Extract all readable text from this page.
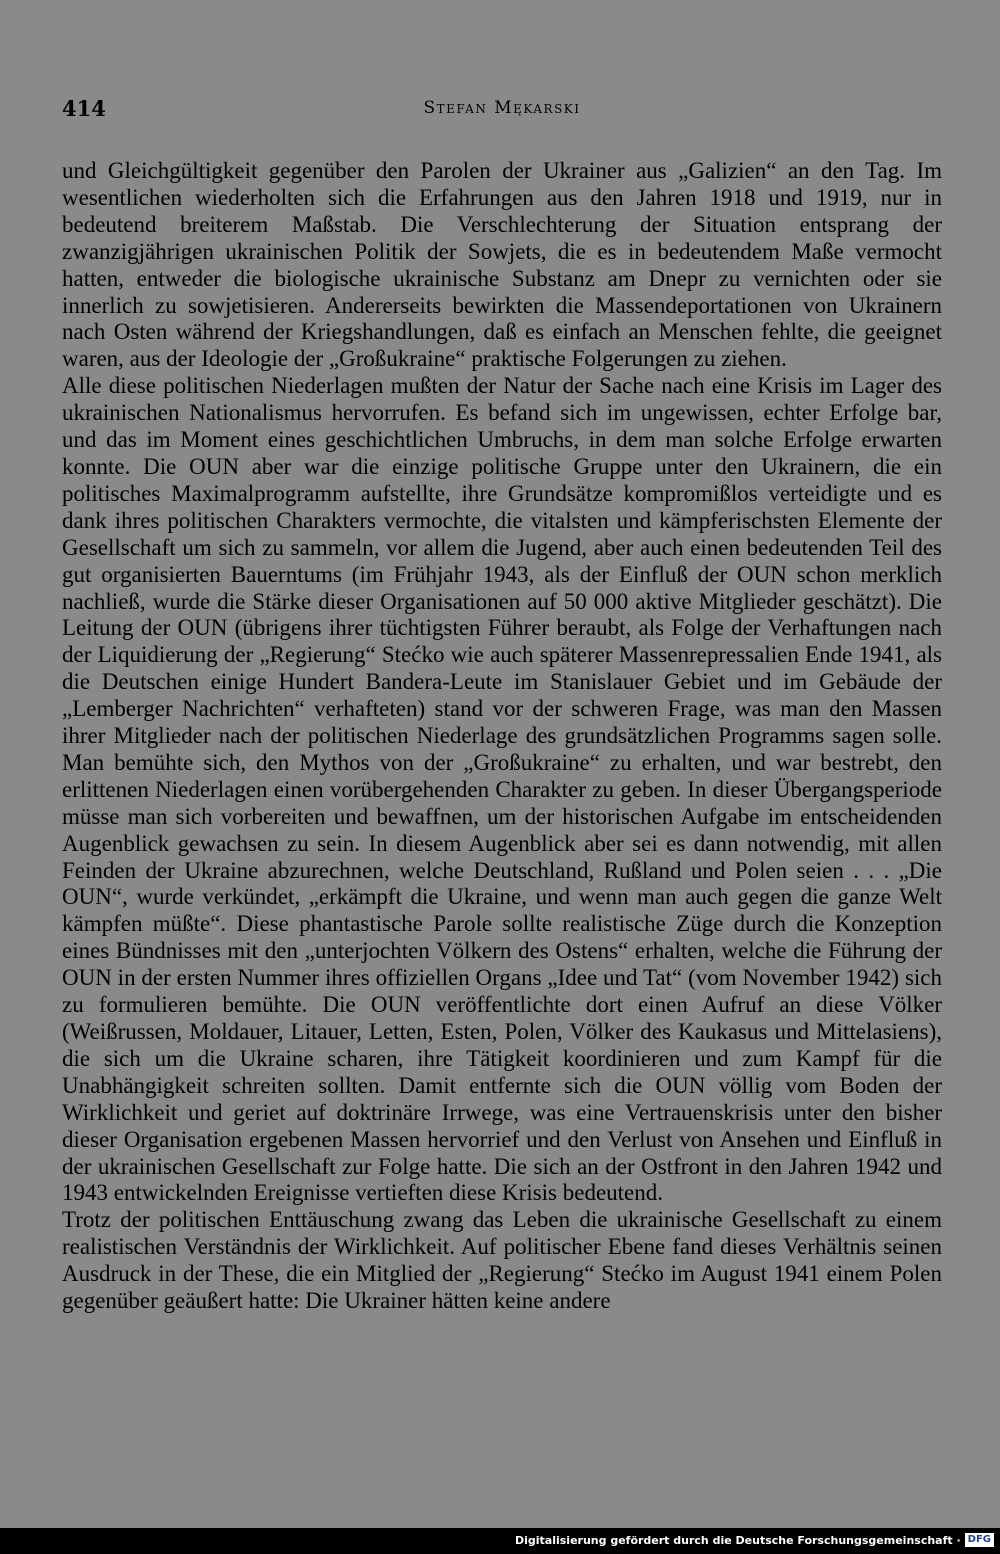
414	Stefan Mękarski

und Gleichgültigkeit gegenüber den Parolen der Ukrainer aus „Galizien“ an den Tag. Im wesentlichen wiederholten sich die Erfahrungen aus den Jahren 1918 und 1919, nur in bedeutend breiterem Maßstab. Die Verschlechterung der Situation entsprang der zwanzigjährigen ukrainischen Politik der Sowjets, die es in bedeutendem Maße vermocht hatten, entweder die biologische ukrainische Substanz am Dnepr zu vernichten oder sie innerlich zu sowjetisieren. Andererseits bewirkten die Massendeportationen von Ukrainern nach Osten während der Kriegshandlungen, daß es einfach an Menschen fehlte, die geeignet waren, aus der Ideologie der „Großukraine“ praktische Folgerungen zu ziehen.

Alle diese politischen Niederlagen mußten der Natur der Sache nach eine Krisis im Lager des ukrainischen Nationalismus hervorrufen. Es befand sich im ungewissen, echter Erfolge bar, und das im Moment eines geschichtlichen Umbruchs, in dem man solche Erfolge erwarten konnte. Die OUN aber war die einzige politische Gruppe unter den Ukrainern, die ein politisches Maximalprogramm aufstellte, ihre Grundsätze kompromißlos verteidigte und es dank ihres politischen Charakters vermochte, die vitalsten und kämpferischsten Elemente der Gesellschaft um sich zu sammeln, vor allem die Jugend, aber auch einen bedeutenden Teil des gut organisierten Bauerntums (im Frühjahr 1943, als der Einfluß der OUN schon merklich nachließ, wurde die Stärke dieser Organisationen auf 50 000 aktive Mitglieder geschätzt). Die Leitung der OUN (übrigens ihrer tüchtigsten Führer beraubt, als Folge der Verhaftungen nach der Liquidierung der „Regierung“ Stećko wie auch späterer Massenrepressalien Ende 1941, als die Deutschen einige Hundert Bandera-Leute im Stanislauer Gebiet und im Gebäude der „Lemberger Nachrichten“ verhafteten) stand vor der schweren Frage, was man den Massen ihrer Mitglieder nach der politischen Niederlage des grundsätzlichen Programms sagen solle. Man bemühte sich, den Mythos von der „Großukraine“ zu erhalten, und war bestrebt, den erlittenen Niederlagen einen vorübergehenden Charakter zu geben. In dieser Übergangsperiode müsse man sich vorbereiten und bewaffnen, um der historischen Aufgabe im entscheidenden Augenblick gewachsen zu sein. In diesem Augenblick aber sei es dann notwendig, mit allen Feinden der Ukraine abzurechnen, welche Deutschland, Rußland und Polen seien . . . „Die OUN“, wurde verkündet, „erkämpft die Ukraine, und wenn man auch gegen die ganze Welt kämpfen müßte“. Diese phantastische Parole sollte realistische Züge durch die Konzeption eines Bündnisses mit den „unterjochten Völkern des Ostens“ erhalten, welche die Führung der OUN in der ersten Nummer ihres offiziellen Organs „Idee und Tat“ (vom November 1942) sich zu formulieren bemühte. Die OUN veröffentlichte dort einen Aufruf an diese Völker (Weißrussen, Moldauer, Litauer, Letten, Esten, Polen, Völker des Kaukasus und Mittelasiens), die sich um die Ukraine scharen, ihre Tätigkeit koordinieren und zum Kampf für die Unabhängigkeit schreiten sollten. Damit entfernte sich die OUN völlig vom Boden der Wirklichkeit und geriet auf doktrinäre Irrwege, was eine Vertrauenskrisis unter den bisher dieser Organisation ergebenen Massen hervorrief und den Verlust von Ansehen und Einfluß in der ukrainischen Gesellschaft zur Folge hatte. Die sich an der Ostfront in den Jahren 1942 und 1943 entwickelnden Ereignisse vertieften diese Krisis bedeutend.

Trotz der politischen Enttäuschung zwang das Leben die ukrainische Gesellschaft zu einem realistischen Verständnis der Wirklichkeit. Auf politischer Ebene fand dieses Verhältnis seinen Ausdruck in der These, die ein Mitglied der „Regierung“ Stećko im August 1941 einem Polen gegenüber geäußert hatte: Die Ukrainer hätten keine andere

Digitalisierung gefördert durch die Deutsche Forschungsgemeinschaft · DFG
